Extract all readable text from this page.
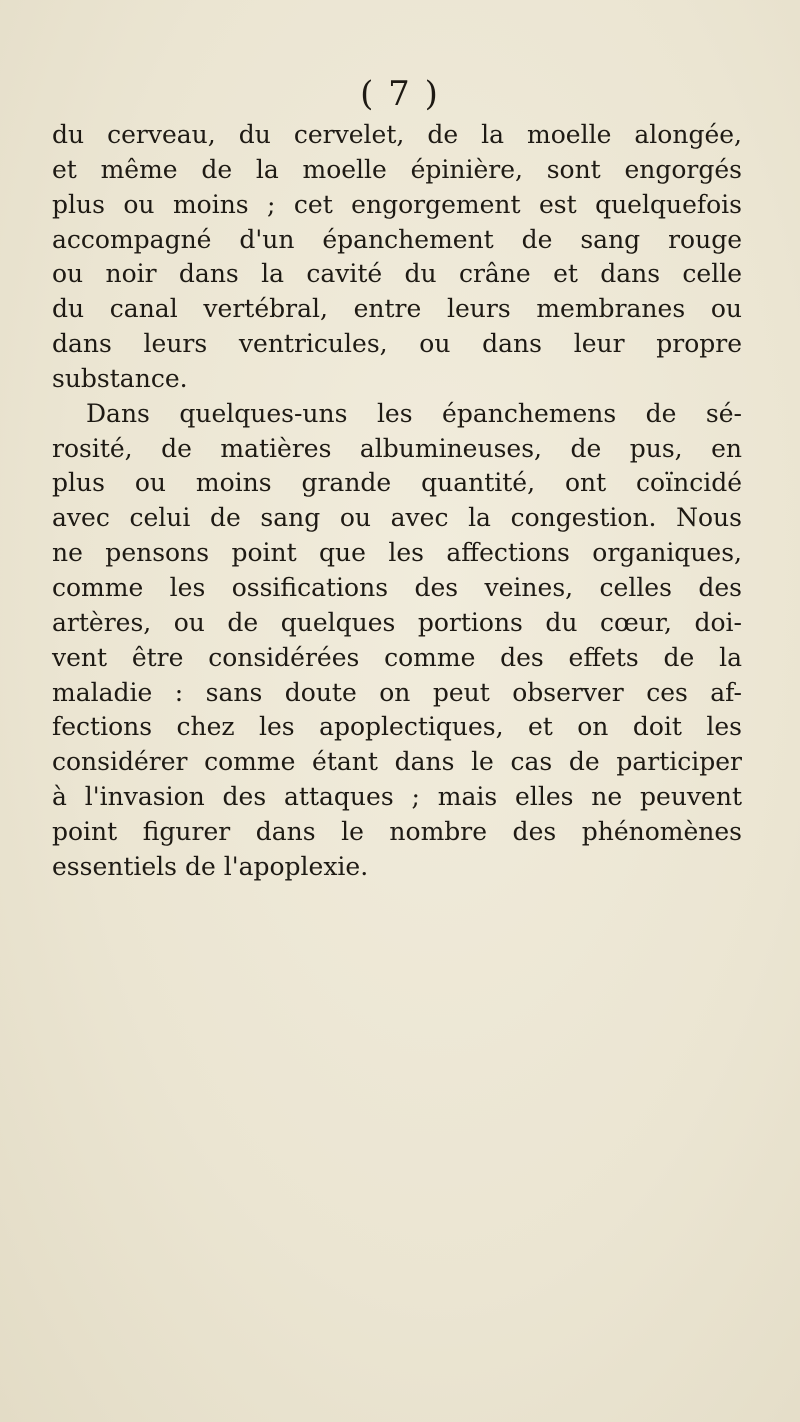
( 7 )
du cerveau, du cervelet, de la moelle alongée,
et même de la moelle épinière, sont engorgés
plus ou moins ; cet engorgement est quelquefois
accompagné d'un épanchement de sang rouge
ou noir dans la cavité du crâne et dans celle
du canal vertébral, entre leurs membranes ou
dans leurs ventricules, ou dans leur propre
substance.
Dans quelques-uns les épanchemens de sé-
rosité, de matières albumineuses, de pus, en
plus ou moins grande quantité, ont coïncidé
avec celui de sang ou avec la congestion. Nous
ne pensons point que les affections organiques,
comme les ossifications des veines, celles des
artères, ou de quelques portions du cœur, doi-
vent être considérées comme des effets de la
maladie : sans doute on peut observer ces af-
fections chez les apoplectiques, et on doit les
considérer comme étant dans le cas de participer
à l'invasion des attaques ; mais elles ne peuvent
point figurer dans le nombre des phénomènes
essentiels de l'apoplexie.
